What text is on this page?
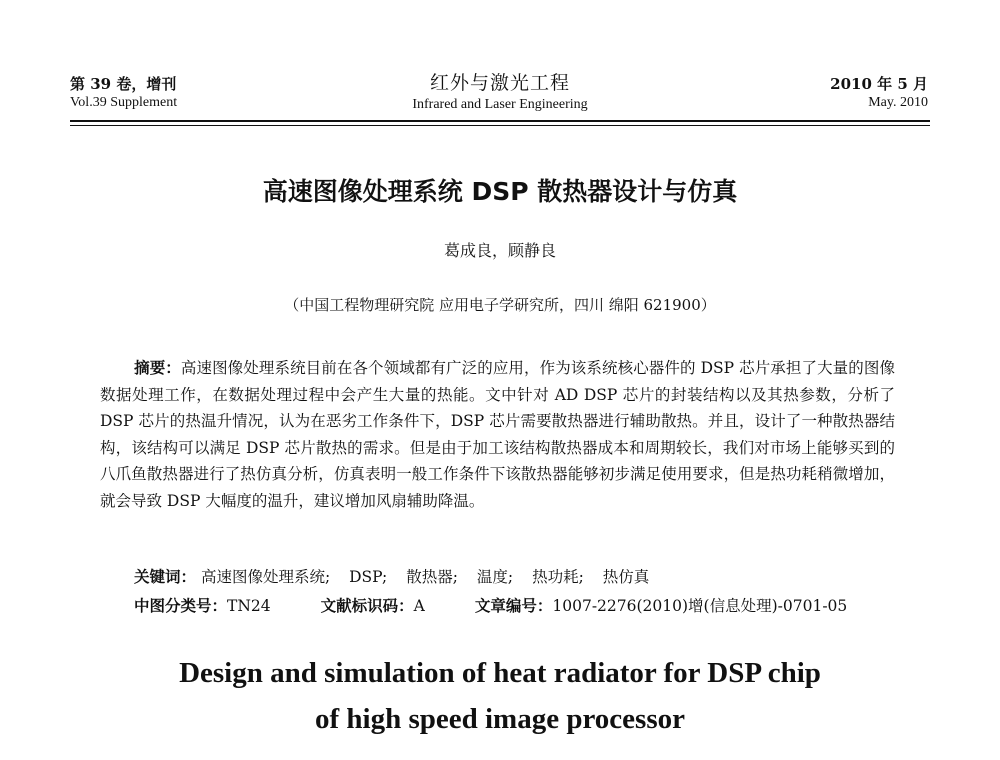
第 39 卷，增刊
Vol.39 Supplement
红外与激光工程
Infrared and Laser Engineering
2010 年 5 月
May. 2010
高速图像处理系统 DSP 散热器设计与仿真
葛成良，顾静良
（中国工程物理研究院 应用电子学研究所，四川 绵阳 621900）
摘要：高速图像处理系统目前在各个领域都有广泛的应用，作为该系统核心器件的 DSP 芯片承担了大量的图像数据处理工作，在数据处理过程中会产生大量的热能。文中针对 AD DSP 芯片的封装结构以及其热参数，分析了 DSP 芯片的热温升情况，认为在恶劣工作条件下，DSP 芯片需要散热器进行辅助散热。并且，设计了一种散热器结构，该结构可以满足 DSP 芯片散热的需求。但是由于加工该结构散热器成本和周期较长，我们对市场上能够买到的八爪鱼散热器进行了热仿真分析，仿真表明一般工作条件下该散热器能够初步满足使用要求，但是热功耗稍微增加，就会导致 DSP 大幅度的温升，建议增加风扇辅助降温。
关键词： 高速图像处理系统; DSP; 散热器; 温度; 热功耗; 热仿真
中图分类号：TN24	文献标识码：A	文章编号：1007-2276(2010)增(信息处理)-0701-05
Design and simulation of heat radiator for DSP chip
of high speed image processor
